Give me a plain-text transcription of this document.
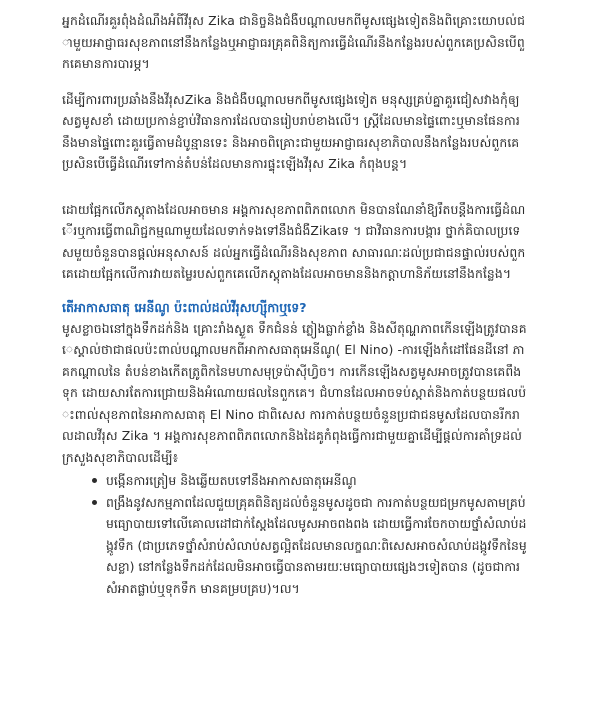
អ្នកដំណើរគួរពុំងដំណឹងអំពីវីរុស Zika ជានិច្ចនិងជំងឺបណ្តាលមកពីមូសផ្សេងទៀតនិងពិគ្រោះយោបល់ជាមួយអាជ្ញាធរសុខភាពនៅនឹងកន្លែងឬអាជ្ញាធរគ្រុគពិនិត្យការធ្វើដំណើរនឹងកន្លែងរបស់ពួកគេប្រសិនបើពួកគេមានការបារម្ភ។

ដើម្បីការពារប្រឆាំងនឹងវីរុសZika និងជំងឺបណ្តាលមកពីមូសផ្សេងទៀត មនុស្សគ្រប់គ្នាគួរជៀសវាងកុំឲ្យសត្វមូសខាំ ដោយប្រកាន់ខ្ជាប់វិធានការដែលបានរៀបរាប់ខាងលើ។ ស្ត្រីដែលមានផ្ទៃពោះឬមានផែនការនឹងមានផ្ទៃពោះគួរធ្វើតាមដំបូន្មានទេះ និងអាចពិគ្រោះជាមួយអាជ្ញាធរសុខាភិបាលនឹងកន្លែងរបស់ពួកគេប្រសិនបើធ្វើដំណើរទៅកាន់តំបន់ដែលមានការផ្ទុះឡើងវីរុស Zika កំពុងបន្ត។

ដោយផ្អែកលើភស្តុតាងដែលអាចមាន អង្គការសុខភាពពិភពលោក មិនបានណែនាំឱ្យរឹតបន្តឹងការធ្វើដំណើរឬការធ្វើពាណិជ្ជកម្មណាមួយដែលទាក់ទងទៅនឹងជំងឺZikaទេ ។ ជាវិធានការបង្ការ ថ្នាក់គិបាលប្រទេសមួយចំនួនបានផ្តល់អនុសាសន៍ ដល់អ្នកធ្វើដំណើរនិងសុខភាព សាធារណៈដល់ប្រជាជនផ្ទាល់របស់ពួកគេដោយផ្អែកលើការវាយតម្លៃរបស់ពួកគេលើភស្តុតាងដែលអាចមាននិងកត្តាហានិភ័យនៅនឹងកន្លែង។

តើអាកាសធាតុ អេនីណូ ប៉ះពាល់ដល់វីរុសហ្ស៊ីកាឬទេ?

មូសខ្លាចឯនៅក្នុងទឹកដក់និង គ្រោះរាំងស្ងួត ទឹកជំនន់ ភ្លៀងធ្លាក់ខ្លាំង និងសីតុណ្ហភាពកើនឡើងត្រូវបានគេស្គាល់ថាជាផលប៉ះពាល់បណ្តាលមកពីអាកាសធាតុអេនីណូ( El Nino) -ការឡើងកំដៅផែនដីនៅ ភាគកណ្តាលនៃ តំបន់ខាងកើតត្រូពិកនៃមហាសមុទ្រប៉ាស៊ីហ្វិច។ ការកើនឡើងសត្វមូសអាចត្រូវបានគេពឹងទុក ដោយសារតែការជ្រោយនិងអំណោយផលនៃពួកគេ។ ជំហានដែលអាចទប់ស្កាត់និងកាត់បន្ថយផលប៉ះពាល់សុខភាពនៃអាកាសធាតុ El Nino ជាពិសេស ការកាត់បន្ថយចំនួនប្រជាជនមូសដែលបានរីករាលដាលវីរុស Zika ។ អង្គការសុខភាពពិភពលោកនិងដៃគូកំពុងធ្វើការជាមួយគ្នាដើម្បីផ្តល់ការគាំទ្រដល់ក្រសួងសុខាភិបាលដើម្បី៖

បង្កើនការត្រៀម និងឆ្លើយតបទៅនឹងអាកាសធាតុអេនីណូ
ពង្រឹងនូវសកម្មភាពដែលជួយគ្រុគពិនិត្យដល់ចំនួនមូសដូចជា ការកាត់បន្ថយជម្រកមូសតាមគ្រប់មធ្យោបាយទៅលើគោលដៅជាក់ស្តែងដែលមូសអាចពងពង ដោយធ្វើការចែកចាយថ្នាំសំលាប់ដង្កូវទឹក (ជាប្រភេទថ្នាំសំរាប់សំលាប់សត្វល្អិតដែលមានលក្ខណៈពិសេសអាចសំលាប់ដង្កូវទឹកនៃមូសខ្លា) នៅកន្លែងទឹកដក់ដែលមិនអាចធ្វើបានតាមរយៈមធ្យោបាយផ្សេងៗទៀតបាន (ដូចជាការសំអាតផ្លាប់ឬទុកទឹក មានគម្របគ្រប)។ល។
